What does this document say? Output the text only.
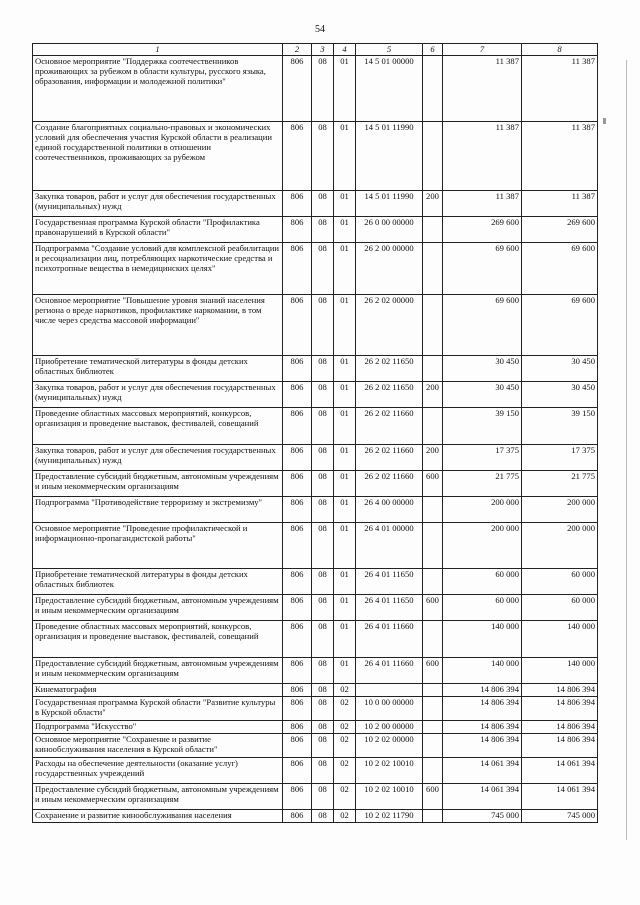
54
1	2	3	4	5	6	7	8
Основное мероприятие "Поддержка соотечественников проживающих за рубежом в области культуры, русского языка, образования, информации и молодежной политики"	806	08	01	14 5 01 00000		11 387	11 387
Создание благоприятных социально-правовых и экономических условий для обеспечения участия Курской области в реализации единой государственной политики в отношении соотечественников, проживающих за рубежом	806	08	01	14 5 01 11990		11 387	11 387
Закупка товаров, работ и услуг для обеспечения государственных (муниципальных) нужд	806	08	01	14 5 01 11990	200	11 387	11 387
Государственная программа Курской области "Профилактика правонарушений в Курской области"	806	08	01	26 0 00 00000		269 600	269 600
Подпрограмма "Создание условий для комплексной реабилитации и ресоциализации лиц, потребляющих наркотические средства и психотропные вещества в немедицинских целях"	806	08	01	26 2 00 00000		69 600	69 600
Основное мероприятие "Повышение уровня знаний населения региона о вреде наркотиков, профилактике наркомании, в том числе через средства массовой информации"	806	08	01	26 2 02 00000		69 600	69 600
Приобретение тематической литературы в фонды детских областных библиотек	806	08	01	26 2 02 11650		30 450	30 450
Закупка товаров, работ и услуг для обеспечения государственных (муниципальных) нужд	806	08	01	26 2 02 11650	200	30 450	30 450
Проведение областных массовых мероприятий, конкурсов, организация и проведение выставок, фестивалей, совещаний	806	08	01	26 2 02 11660		39 150	39 150
Закупка товаров, работ и услуг для обеспечения государственных (муниципальных) нужд	806	08	01	26 2 02 11660	200	17 375	17 375
Предоставление субсидий бюджетным, автономным учреждениям и иным некоммерческим организациям	806	08	01	26 2 02 11660	600	21 775	21 775
Подпрограмма "Противодействие терроризму и экстремизму"	806	08	01	26 4 00 00000		200 000	200 000
Основное мероприятие "Проведение профилактической и информационно-пропагандистской работы"	806	08	01	26 4 01 00000		200 000	200 000
Приобретение тематической литературы в фонды детских областных библиотек	806	08	01	26 4 01 11650		60 000	60 000
Предоставление субсидий бюджетным, автономным учреждениям и иным некоммерческим организациям	806	08	01	26 4 01 11650	600	60 000	60 000
Проведение областных массовых мероприятий, конкурсов, организация и проведение выставок, фестивалей, совещаний	806	08	01	26 4 01 11660		140 000	140 000
Предоставление субсидий бюджетным, автономным учреждениям и иным некоммерческим организациям	806	08	01	26 4 01 11660	600	140 000	140 000
Кинематография	806	08	02			14 806 394	14 806 394
Государственная программа Курской области "Развитие культуры в Курской области"	806	08	02	10 0 00 00000		14 806 394	14 806 394
Подпрограмма "Искусство"	806	08	02	10 2 00 00000		14 806 394	14 806 394
Основное мероприятие "Сохранение и развитие кинообслуживания населения в Курской области"	806	08	02	10 2 02 00000		14 806 394	14 806 394
Расходы на обеспечение деятельности (оказание услуг) государственных учреждений	806	08	02	10 2 02 10010		14 061 394	14 061 394
Предоставление субсидий бюджетным, автономным учреждениям и иным некоммерческим организациям	806	08	02	10 2 02 10010	600	14 061 394	14 061 394
Сохранение и развитие кинообслуживания населения	806	08	02	10 2 02 11790		745 000	745 000
